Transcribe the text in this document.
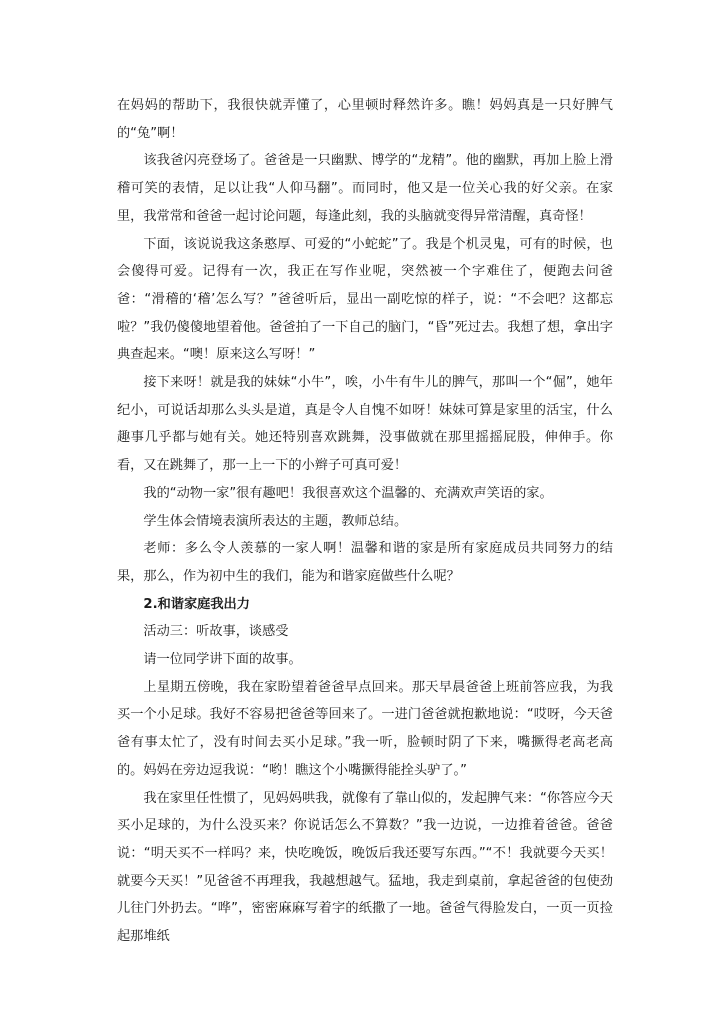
在妈妈的帮助下，我很快就弄懂了，心里顿时释然许多。瞧！妈妈真是一只好脾气的“兔”啊！

该我爸闪亮登场了。爸爸是一只幽默、博学的“龙精”。他的幽默，再加上脸上滑稽可笑的表情，足以让我“人仰马翻”。而同时，他又是一位关心我的好父亲。在家里，我常常和爸爸一起讨论问题，每逢此刻，我的头脑就变得异常清醒，真奇怪！

下面，该说说我这条憨厚、可爱的“小蛇蛇”了。我是个机灵鬼，可有的时候，也会傻得可爱。记得有一次，我正在写作业呢，突然被一个字难住了，便跑去问爸爸：“滑稽的‘稽’怎么写？”爸爸听后，显出一副吃惊的样子，说：“不会吧？这都忘啦？”我仍傻傻地望着他。爸爸拍了一下自己的脑门，“昏”死过去。我想了想，拿出字典查起来。“噢！原来这么写呀！”

接下来呀！就是我的妹妹“小牛”，唉，小牛有牛儿的脾气，那叫一个“倔”，她年纪小，可说话却那么头头是道，真是令人自愧不如呀！妹妹可算是家里的活宝，什么趣事几乎都与她有关。她还特别喜欢跳舞，没事做就在那里摇摇屁股，伸伸手。你看，又在跳舞了，那一上一下的小辫子可真可爱！

我的“动物一家”很有趣吧！我很喜欢这个温馨的、充满欢声笑语的家。

学生体会情境表演所表达的主题，教师总结。

老师：多么令人羡慕的一家人啊！温馨和谐的家是所有家庭成员共同努力的结果，那么，作为初中生的我们，能为和谐家庭做些什么呢？

2.和谐家庭我出力

活动三：听故事，谈感受

请一位同学讲下面的故事。

上星期五傍晚，我在家盼望着爸爸早点回来。那天早晨爸爸上班前答应我，为我买一个小足球。我好不容易把爸爸等回来了。一进门爸爸就抱歉地说：“哎呀，今天爸爸有事太忙了，没有时间去买小足球。”我一听，脸顿时阴了下来，嘴撅得老高老高的。妈妈在旁边逗我说：“哟！瞧这个小嘴撅得能拴头驴了。”

我在家里任性惯了，见妈妈哄我，就像有了靠山似的，发起脾气来：“你答应今天买小足球的，为什么没买来？你说话怎么不算数？”我一边说，一边推着爸爸。爸爸说：“明天买不一样吗？来，快吃晚饭，晚饭后我还要写东西。”“不！我就要今天买！就要今天买！”见爸爸不再理我，我越想越气。猛地，我走到桌前，拿起爸爸的包使劲儿往门外扔去。“哗”，密密麻麻写着字的纸撒了一地。爸爸气得脸发白，一页一页捡起那堆纸
